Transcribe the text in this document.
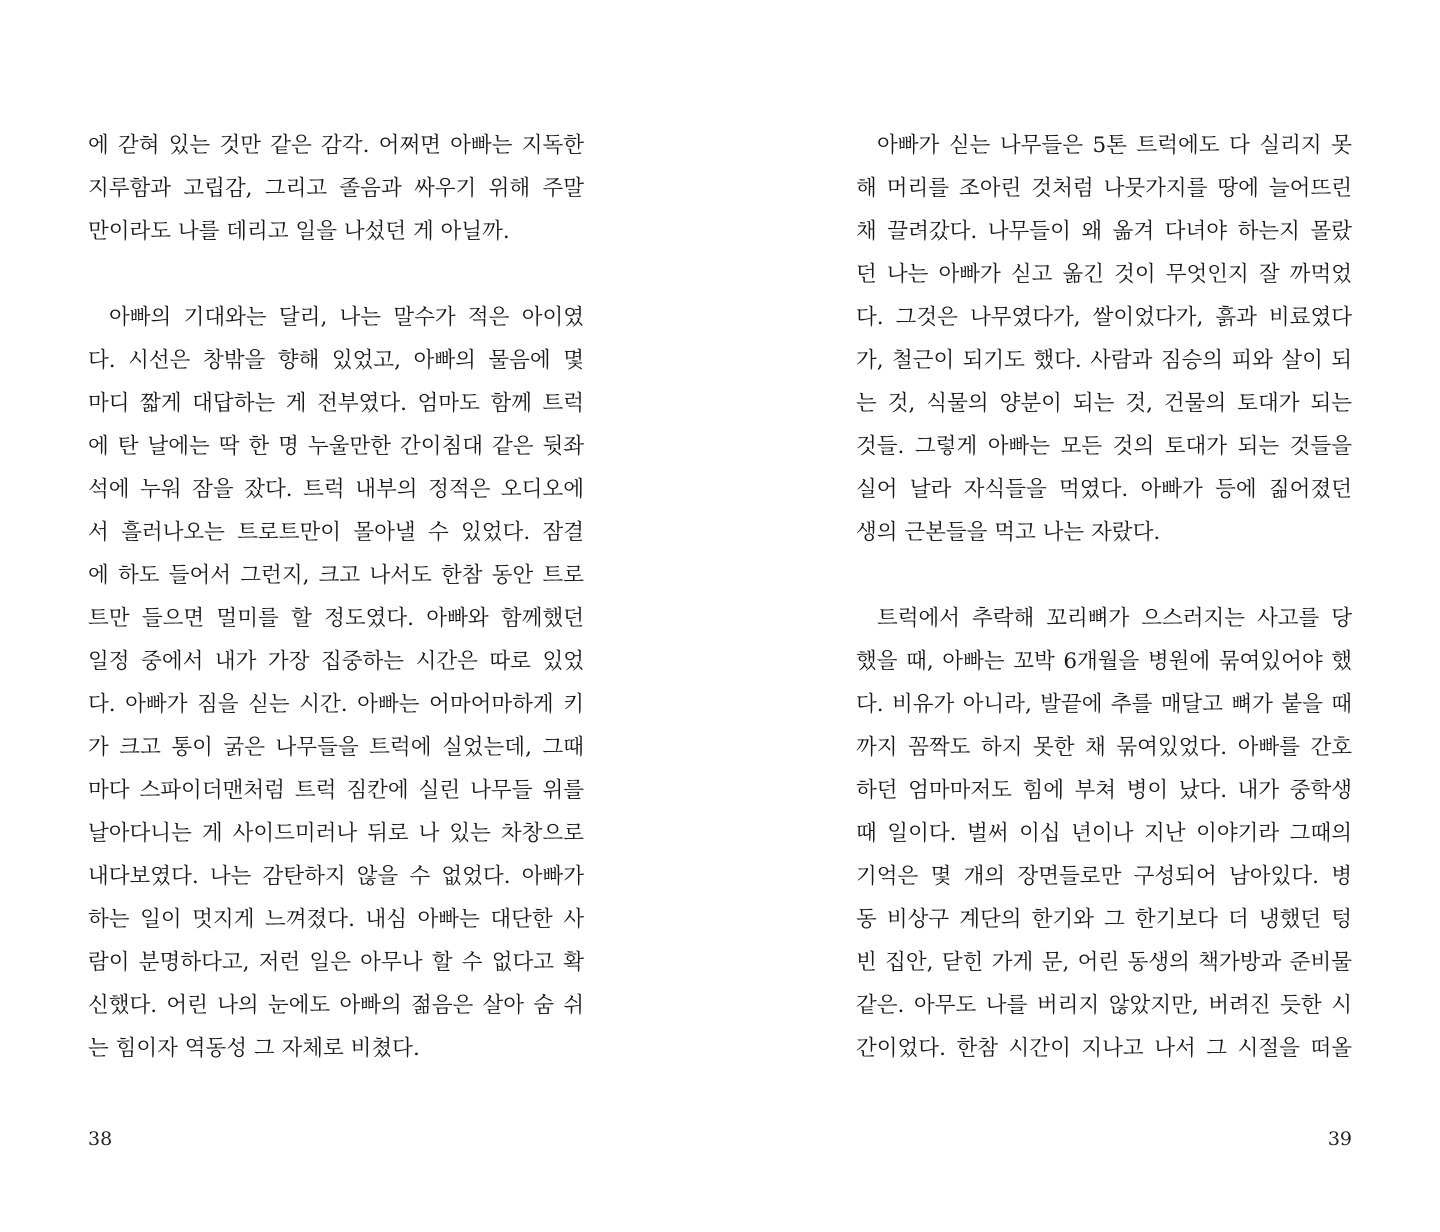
에 갇혀 있는 것만 같은 감각. 어쩌면 아빠는 지독한
지루함과 고립감, 그리고 졸음과 싸우기 위해 주말
만이라도 나를 데리고 일을 나섰던 게 아닐까.
아빠의 기대와는 달리, 나는 말수가 적은 아이였
다. 시선은 창밖을 향해 있었고, 아빠의 물음에 몇
마디 짧게 대답하는 게 전부였다. 엄마도 함께 트럭
에 탄 날에는 딱 한 명 누울만한 간이침대 같은 뒷좌
석에 누워 잠을 잤다. 트럭 내부의 정적은 오디오에
서 흘러나오는 트로트만이 몰아낼 수 있었다. 잠결
에 하도 들어서 그런지, 크고 나서도 한참 동안 트로
트만 들으면 멀미를 할 정도였다. 아빠와 함께했던
일정 중에서 내가 가장 집중하는 시간은 따로 있었
다. 아빠가 짐을 싣는 시간. 아빠는 어마어마하게 키
가 크고 통이 굵은 나무들을 트럭에 실었는데, 그때
마다 스파이더맨처럼 트럭 짐칸에 실린 나무들 위를
날아다니는 게 사이드미러나 뒤로 나 있는 차창으로
내다보였다. 나는 감탄하지 않을 수 없었다. 아빠가
하는 일이 멋지게 느껴졌다. 내심 아빠는 대단한 사
람이 분명하다고, 저런 일은 아무나 할 수 없다고 확
신했다. 어린 나의 눈에도 아빠의 젊음은 살아 숨 쉬
는 힘이자 역동성 그 자체로 비쳤다.
38
아빠가 싣는 나무들은 5톤 트럭에도 다 실리지 못
해 머리를 조아린 것처럼 나뭇가지를 땅에 늘어뜨린
채 끌려갔다. 나무들이 왜 옮겨 다녀야 하는지 몰랐
던 나는 아빠가 싣고 옮긴 것이 무엇인지 잘 까먹었
다. 그것은 나무였다가, 쌀이었다가, 흙과 비료였다
가, 철근이 되기도 했다. 사람과 짐승의 피와 살이 되
는 것, 식물의 양분이 되는 것, 건물의 토대가 되는
것들. 그렇게 아빠는 모든 것의 토대가 되는 것들을
실어 날라 자식들을 먹였다. 아빠가 등에 짊어졌던
생의 근본들을 먹고 나는 자랐다.
트럭에서 추락해 꼬리뼈가 으스러지는 사고를 당
했을 때, 아빠는 꼬박 6개월을 병원에 묶여있어야 했
다. 비유가 아니라, 발끝에 추를 매달고 뼈가 붙을 때
까지 꼼짝도 하지 못한 채 묶여있었다. 아빠를 간호
하던 엄마마저도 힘에 부쳐 병이 났다. 내가 중학생
때 일이다. 벌써 이십 년이나 지난 이야기라 그때의
기억은 몇 개의 장면들로만 구성되어 남아있다. 병
동 비상구 계단의 한기와 그 한기보다 더 냉했던 텅
빈 집안, 닫힌 가게 문, 어린 동생의 책가방과 준비물
같은. 아무도 나를 버리지 않았지만, 버려진 듯한 시
간이었다. 한참 시간이 지나고 나서 그 시절을 떠올
39
